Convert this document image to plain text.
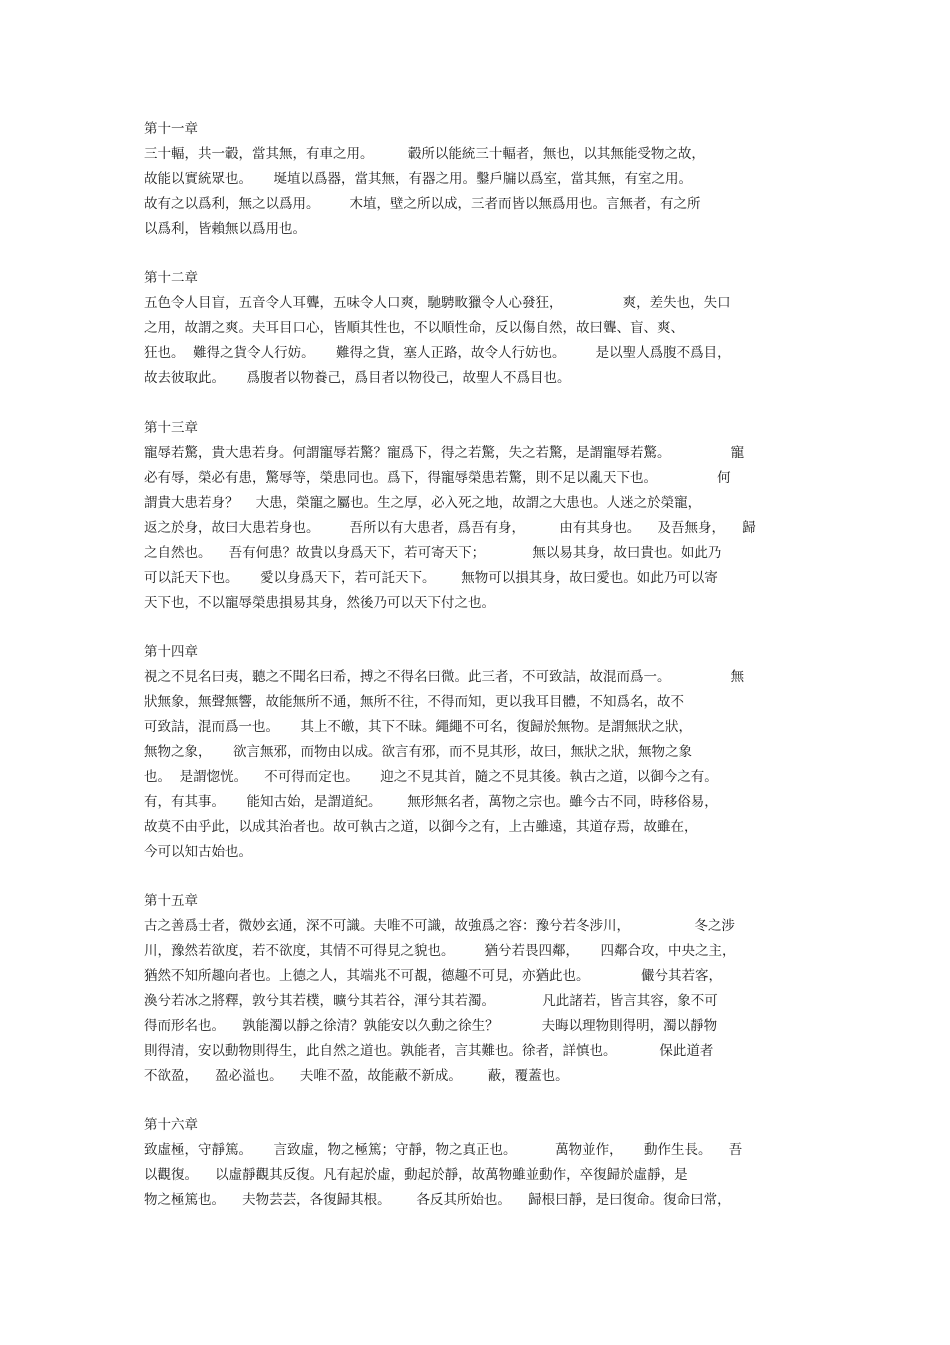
第十一章
三十輻，共一轂，當其無，有車之用。        轂所以能統三十輻者，無也，以其無能受物之故，
故能以實統眾也。     埏埴以爲器，當其無，有器之用。鑿戶牖以爲室，當其無，有室之用。
故有之以爲利，無之以爲用。       木埴，壁之所以成，三者而皆以無爲用也。言無者，有之所
以爲利，皆賴無以爲用也。
第十二章
五色令人目盲，五音令人耳聾，五味令人口爽，馳騁畋獵令人心發狂，              爽，差失也，失口
之用，故謂之爽。夫耳目口心，皆順其性也，不以順性命，反以傷自然，故曰聾、盲、爽、
狂也。  難得之貨令人行妨。     難得之貨，塞人正路，故令人行妨也。       是以聖人爲腹不爲目，
故去彼取此。     爲腹者以物養己，爲目者以物役己，故聖人不爲目也。
第十三章
寵辱若驚，貴大患若身。何謂寵辱若驚？寵爲下，得之若驚，失之若驚，是謂寵辱若驚。              寵
必有辱，榮必有患，驚辱等，榮患同也。爲下，得寵辱榮患若驚，則不足以亂天下也。              何
謂貴大患若身？    大患，榮寵之屬也。生之厚，必入死之地，故謂之大患也。人迷之於榮寵，
返之於身，故曰大患若身也。       吾所以有大患者，爲吾有身，        由有其身也。    及吾無身，    歸
之自然也。    吾有何患？故貴以身爲天下，若可寄天下；           無以易其身，故曰貴也。如此乃
可以託天下也。     愛以身爲天下，若可託天下。      無物可以損其身，故曰愛也。如此乃可以寄
天下也，不以寵辱榮患損易其身，然後乃可以天下付之也。
第十四章
視之不見名曰夷，聽之不聞名曰希，搏之不得名曰微。此三者，不可致詰，故混而爲一。              無
狀無象，無聲無響，故能無所不通，無所不往，不得而知，更以我耳目體，不知爲名，故不
可致詰，混而爲一也。     其上不皦，其下不昧。繩繩不可名，復歸於無物。是謂無狀之狀，
無物之象，     欲言無邪，而物由以成。欲言有邪，而不見其形，故曰，無狀之狀，無物之象
也。  是謂惚恍。    不可得而定也。     迎之不見其首，隨之不見其後。執古之道，以御今之有。
有，有其事。     能知古始，是謂道紀。      無形無名者，萬物之宗也。雖今古不同，時移俗易，
故莫不由乎此，以成其治者也。故可執古之道，以御今之有，上古雖遠，其道存焉，故雖在，
今可以知古始也。
第十五章
古之善爲士者，微妙玄通，深不可識。夫唯不可識，故強爲之容：豫兮若冬涉川，               冬之涉
川，豫然若欲度，若不欲度，其情不可得見之貌也。       猶兮若畏四鄰，     四鄰合攻，中央之主，
猶然不知所趣向者也。上德之人，其端兆不可覩，德趣不可見，亦猶此也。            儼兮其若客，
渙兮若冰之將釋，敦兮其若樸，曠兮其若谷，渾兮其若濁。           凡此諸若，皆言其容，象不可
得而形名也。    孰能濁以靜之徐清？孰能安以久動之徐生？          夫晦以理物則得明，濁以靜物
則得清，安以動物則得生，此自然之道也。孰能者，言其難也。徐者，詳慎也。          保此道者
不欲盈，    盈必溢也。    夫唯不盈，故能蔽不新成。      蔽，覆蓋也。
第十六章
致虛極，守靜篤。     言致虛，物之極篤；守靜，物之真正也。         萬物並作，     動作生長。    吾
以觀復。    以虛靜觀其反復。凡有起於虛，動起於靜，故萬物雖並動作，卒復歸於虛靜，是
物之極篤也。    夫物芸芸，各復歸其根。      各反其所始也。    歸根曰靜，是曰復命。復命曰常，
